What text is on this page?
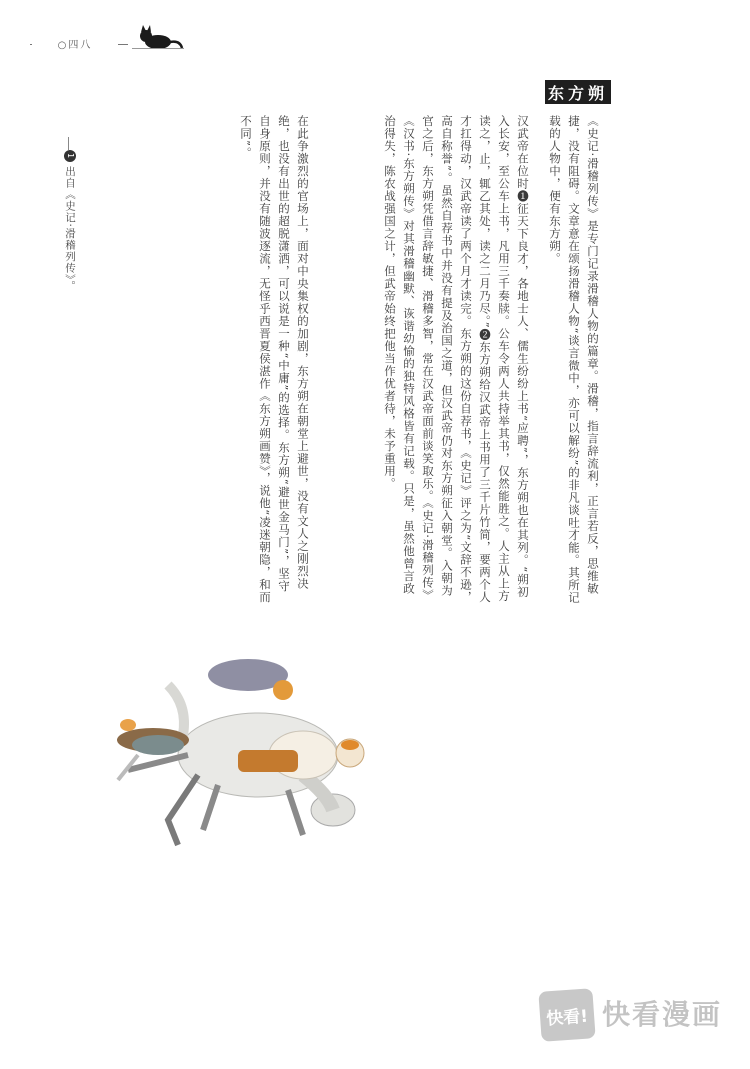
○四八
东方朔
《史记·滑稽列传》是专门记录滑稽人物的篇章。滑稽，指言辞流利，正言若反，思维敏捷，没有阻碍。文章意在颂扬滑稽人物“谈言微中，亦可以解纷”的非凡谈吐才能。其所记载的人物中，便有东方朔。
汉武帝在位时❶征天下良才，各地士人、儒生纷纷上书“应聘”，东方朔也在其列。“朔初入长安，至公车上书，凡用三千奏牍。公车令两人共持举其书，仅然能胜之。人主从上方读之，止，辄乙其处，读之二月乃尽。”❷东方朔给汉武帝上书用了三千片竹简，要两个人才扛得动，汉武帝读了两个月才读完。东方朔的这份自荐书，《史记》评之为“文辞不逊，高自称誉”。虽然自荐书中并没有提及治国之道，但汉武帝仍对东方朔征入朝堂。入朝为官之后，东方朔凭借言辞敏捷、滑稽多智，常在汉武帝面前谈笑取乐。《史记·滑稽列传》《汉书·东方朔传》对其滑稽幽默、诙谐幼愉的独特风格皆有记载。只是，虽然他曾言政治得失，陈农战强国之计，但武帝始终把他当作优者待，未予重用。
在此争激烈的官场上，面对中央集权的加剧，东方朔在朝堂上避世，没有文人之刚烈决绝，也没有出世的超脱潇洒，可以说是一种“中庸”的选择。东方朔“避世金马门”，坚守自身原则，并没有随波逐流，无怪乎西晋夏侯湛作《东方朔画赞》，说他“凌迷朝隐，和而不同”。
1出自《史记·滑稽列传》。
快看! 快看漫画
